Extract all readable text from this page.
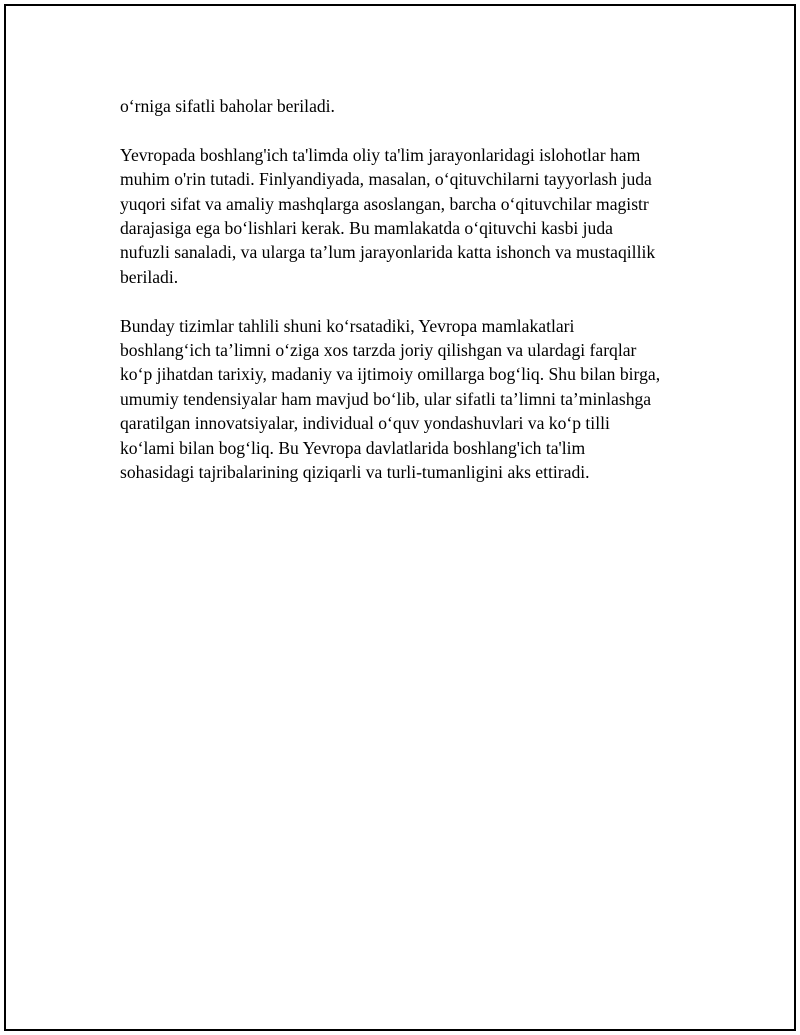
o‘rniga sifatli baholar beriladi.

Yevropada boshlang'ich ta'limda oliy ta'lim jarayonlaridagi islohotlar ham
muhim o'rin tutadi. Finlyandiyada, masalan, o‘qituvchilarni tayyorlash juda
yuqori sifat va amaliy mashqlarga asoslangan, barcha o‘qituvchilar magistr
darajasiga ega bo‘lishlari kerak. Bu mamlakatda o‘qituvchi kasbi juda
nufuzli sanaladi, va ularga ta’lum jarayonlarida katta ishonch va mustaqillik
beriladi.

Bunday tizimlar tahlili shuni ko‘rsatadiki, Yevropa mamlakatlari
boshlang‘ich ta’limni o‘ziga xos tarzda joriy qilishgan va ulardagi farqlar
ko‘p jihatdan tarixiy, madaniy va ijtimoiy omillarga bog‘liq. Shu bilan birga,
umumiy tendensiyalar ham mavjud bo‘lib, ular sifatli ta’limni ta’minlashga
qaratilgan innovatsiyalar, individual o‘quv yondashuvlari va ko‘p tilli
ko‘lami bilan bog‘liq. Bu Yevropa davlatlarida boshlang'ich ta'lim
sohasidagi tajribalarining qiziqarli va turli-tumanligini aks ettiradi.
